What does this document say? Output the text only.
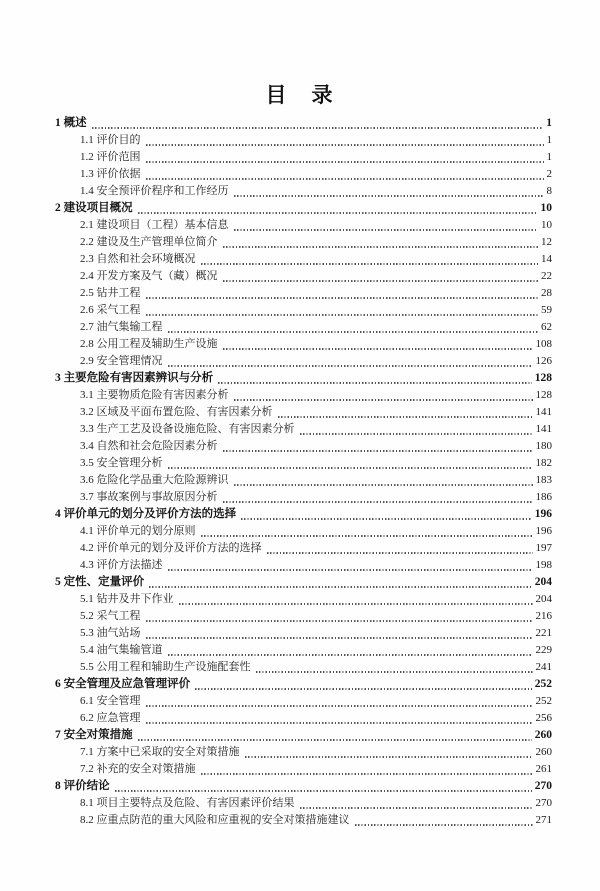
目　录
1 概述	1
1.1 评价目的	1
1.2 评价范围	1
1.3 评价依据	2
1.4 安全预评价程序和工作经历	8
2 建设项目概况	10
2.1 建设项目（工程）基本信息	10
2.2 建设及生产管理单位简介	12
2.3 自然和社会环境概况	14
2.4 开发方案及气（藏）概况	22
2.5 钻井工程	28
2.6 采气工程	59
2.7 油气集输工程	62
2.8 公用工程及辅助生产设施	108
2.9 安全管理情况	126
3 主要危险有害因素辨识与分析	128
3.1 主要物质危险有害因素分析	128
3.2 区域及平面布置危险、有害因素分析	141
3.3 生产工艺及设备设施危险、有害因素分析	141
3.4 自然和社会危险因素分析	180
3.5 安全管理分析	182
3.6 危险化学品重大危险源辨识	183
3.7 事故案例与事故原因分析	186
4 评价单元的划分及评价方法的选择	196
4.1 评价单元的划分原则	196
4.2 评价单元的划分及评价方法的选择	197
4.3 评价方法描述	198
5 定性、定量评价	204
5.1 钻井及井下作业	204
5.2 采气工程	216
5.3 油气站场	221
5.4 油气集输管道	229
5.5 公用工程和辅助生产设施配套性	241
6 安全管理及应急管理评价	252
6.1 安全管理	252
6.2 应急管理	256
7 安全对策措施	260
7.1 方案中已采取的安全对策措施	260
7.2 补充的安全对策措施	261
8 评价结论	270
8.1 项目主要特点及危险、有害因素评价结果	270
8.2 应重点防范的重大风险和应重视的安全对策措施建议	271
